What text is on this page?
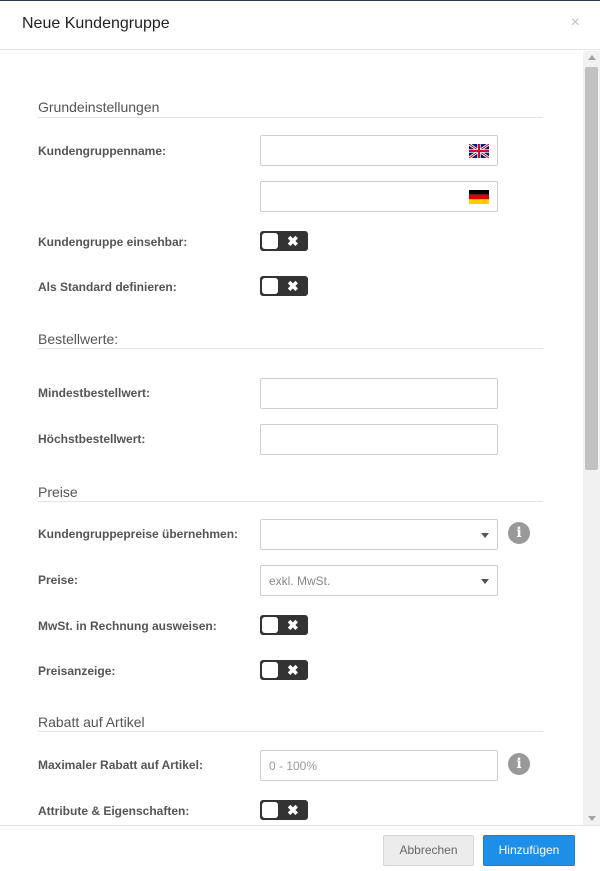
Neue Kundengruppe	×
Grundeinstellungen
Kundengruppenname:
Kundengruppe einsehbar:	✖
Als Standard definieren:	✖
Bestellwerte:
Mindestbestellwert:
Höchstbestellwert:
Preise
Kundengruppepreise übernehmen:	i
Preise:	exkl. MwSt.
MwSt. in Rechnung ausweisen:	✖
Preisanzeige:	✖
Rabatt auf Artikel
Maximaler Rabatt auf Artikel:	0 - 100%	i
Attribute & Eigenschaften:	✖
Abbrechen	Hinzufügen
